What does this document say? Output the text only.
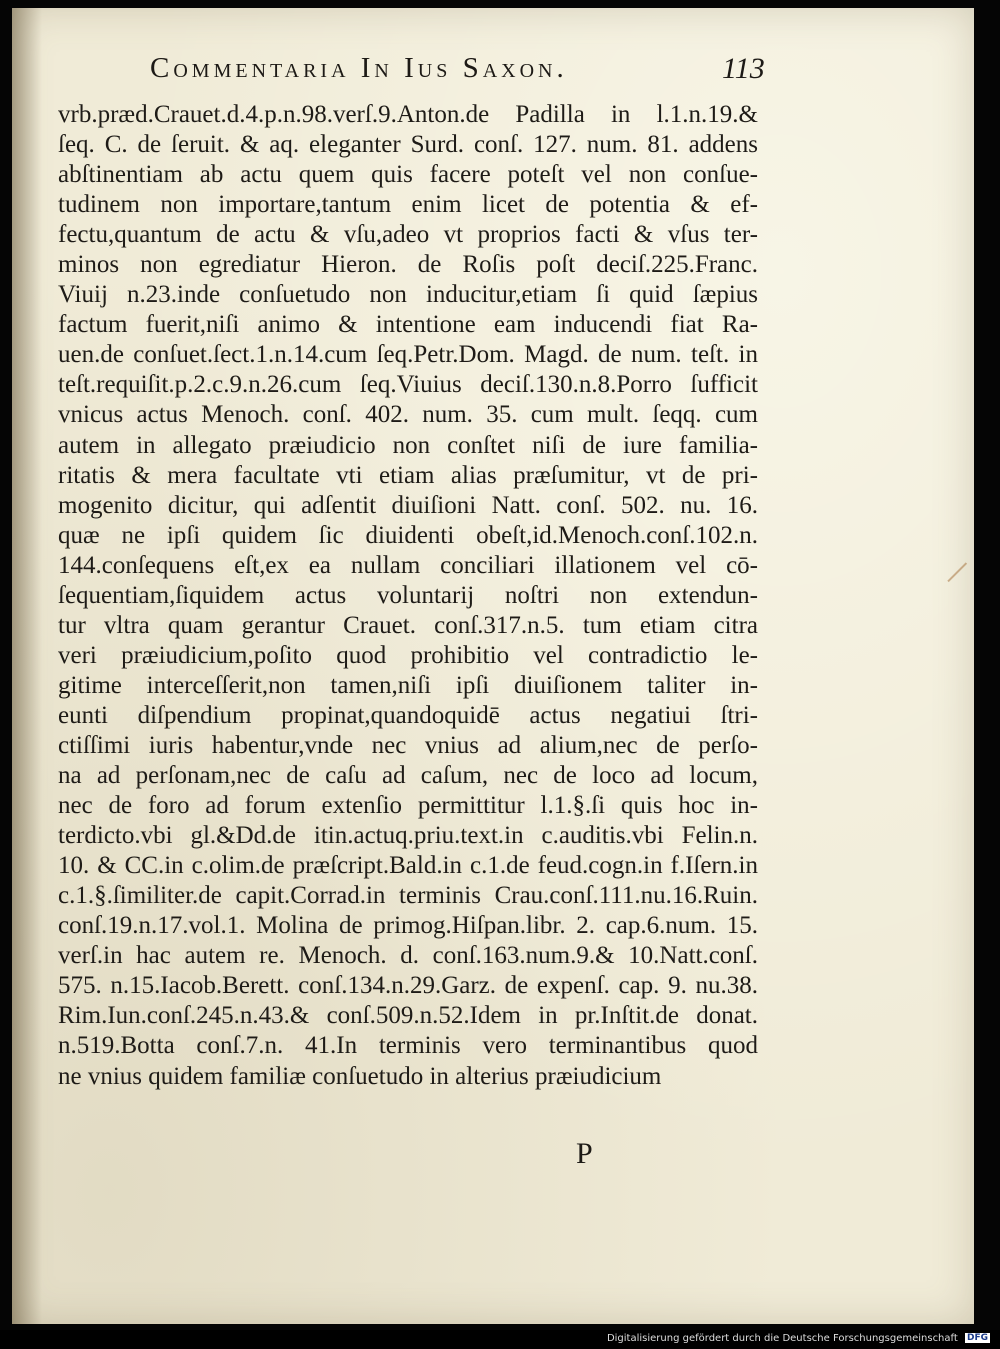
Commentaria In Ius Saxon.	113
vrb.præd.Crauet.d.4.p.n.98.verſ.9.Anton.de Padilla in l.1.n.19.&
ſeq. C. de ſeruit. & aq. eleganter Surd. conſ. 127. num. 81. addens
abſtinentiam ab actu quem quis facere poteſt vel non conſue-
tudinem non importare,tantum enim licet de potentia & ef-
fectu,quantum de actu & vſu,adeo vt proprios facti & vſus ter-
minos non egrediatur Hieron. de Roſis poſt deciſ.225.Franc.
Viuij n.23.inde conſuetudo non inducitur,etiam ſi quid ſæpius
factum fuerit,niſi animo & intentione eam inducendi fiat Ra-
uen.de conſuet.ſect.1.n.14.cum ſeq.Petr.Dom. Magd. de num. teſt. in
teſt.requiſit.p.2.c.9.n.26.cum ſeq.Viuius deciſ.130.n.8.Porro ſufficit
vnicus actus Menoch. conſ. 402. num. 35. cum mult. ſeqq. cum
autem in allegato præiudicio non conſtet niſi de iure familia-
ritatis & mera facultate vti etiam alias præſumitur, vt de pri-
mogenito dicitur, qui adſentit diuiſioni Natt. conſ. 502. nu. 16.
quæ ne ipſi quidem ſic diuidenti obeſt,id.Menoch.conſ.102.n.
144.conſequens eſt,ex ea nullam conciliari illationem vel cō-
ſequentiam,ſiquidem actus voluntarij noſtri non extendun-
tur vltra quam gerantur Crauet. conſ.317.n.5. tum etiam citra
veri præiudicium,poſito quod prohibitio vel contradictio le-
gitime interceſſerit,non tamen,niſi ipſi diuiſionem taliter in-
eunti diſpendium propinat,quandoquidē actus negatiui ſtri-
ctiſſimi iuris habentur,vnde nec vnius ad alium,nec de perſo-
na ad perſonam,nec de caſu ad caſum, nec de loco ad locum,
nec de foro ad forum extenſio permittitur l.1.§.ſi quis hoc in-
terdicto.vbi gl.&Dd.de itin.actuq.priu.text.in c.auditis.vbi Felin.n.
10. & CC.in c.olim.de præſcript.Bald.in c.1.de feud.cogn.in f.Iſern.in
c.1.§.ſimiliter.de capit.Corrad.in terminis Crau.conſ.111.nu.16.Ruin.
conſ.19.n.17.vol.1. Molina de primog.Hiſpan.libr. 2. cap.6.num. 15.
verſ.in hac autem re. Menoch. d. conſ.163.num.9.& 10.Natt.conſ.
575. n.15.Iacob.Berett. conſ.134.n.29.Garz. de expenſ. cap. 9. nu.38.
Rim.Iun.conſ.245.n.43.& conſ.509.n.52.Idem in pr.Inſtit.de donat.
n.519.Botta conſ.7.n. 41.In terminis vero terminantibus quod
ne vnius quidem familiæ conſuetudo in alterius præiudicium
P
Digitalisierung gefördert durch die Deutsche Forschungsgemeinschaft DFG
